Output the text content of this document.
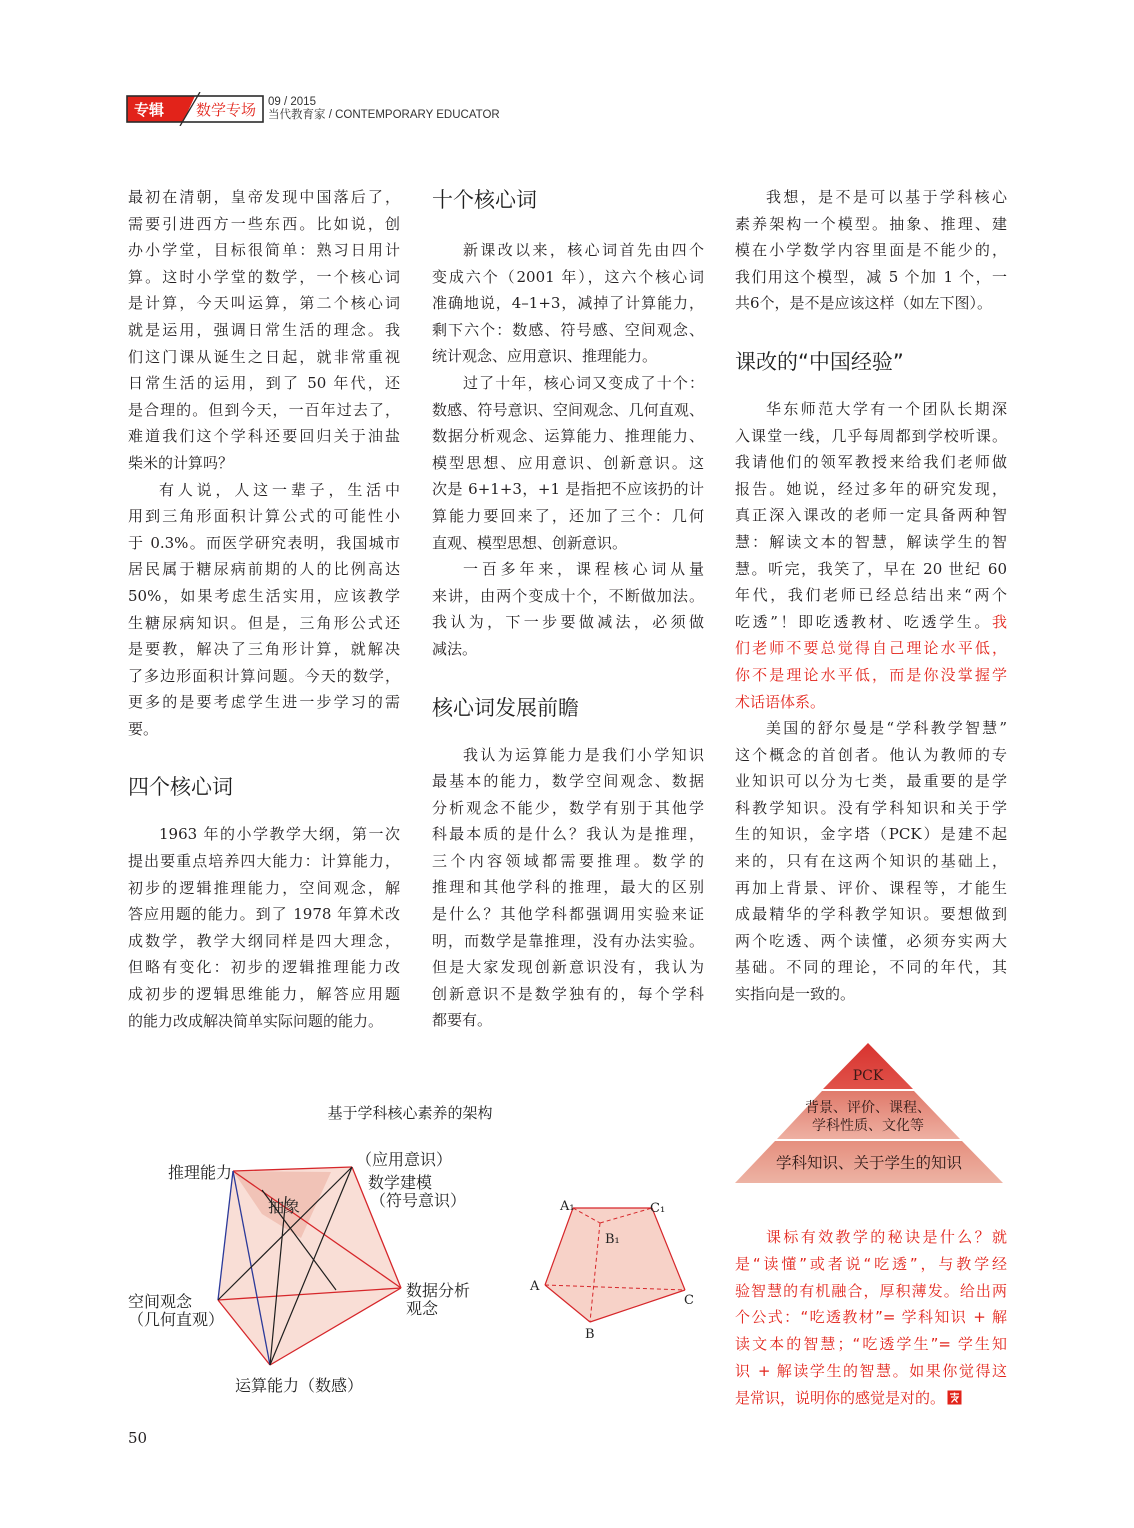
专辑 数学专场 09 / 2015
当代教育家 / CONTEMPORARY EDUCATOR
最初在清朝，皇帝发现中国落后了，
需要引进西方一些东西。比如说，创
办小学堂，目标很简单：熟习日用计
算。这时小学堂的数学，一个核心词
是计算，今天叫运算，第二个核心词
就是运用，强调日常生活的理念。我
们这门课从诞生之日起，就非常重视
日常生活的运用，到了 50 年代，还
是合理的。但到今天，一百年过去了，
难道我们这个学科还要回归关于油盐
柴米的计算吗？
有人说，人这一辈子，生活中
用到三角形面积计算公式的可能性小
于 0.3%。而医学研究表明，我国城市
居民属于糖尿病前期的人的比例高达
50%，如果考虑生活实用，应该教学
生糖尿病知识。但是，三角形公式还
是要教，解决了三角形计算，就解决
了多边形面积计算问题。今天的数学，
更多的是要考虑学生进一步学习的需
要。
四个核心词
1963 年的小学教学大纲，第一次
提出要重点培养四大能力：计算能力，
初步的逻辑推理能力，空间观念，解
答应用题的能力。到了 1978 年算术改
成数学，教学大纲同样是四大理念，
但略有变化：初步的逻辑推理能力改
成初步的逻辑思维能力，解答应用题
的能力改成解决简单实际问题的能力。
十个核心词
新课改以来，核心词首先由四个
变成六个（2001 年），这六个核心词
准确地说，4–1+3，减掉了计算能力，
剩下六个：数感、符号感、空间观念、
统计观念、应用意识、推理能力。
过了十年，核心词又变成了十个：
数感、符号意识、空间观念、几何直观、
数据分析观念、运算能力、推理能力、
模型思想、应用意识、创新意识。这
次是 6+1+3，+1 是指把不应该扔的计
算能力要回来了，还加了三个：几何
直观、模型思想、创新意识。
一百多年来，课程核心词从量
来讲，由两个变成十个，不断做加法。
我认为，下一步要做减法，必须做
减法。
核心词发展前瞻
我认为运算能力是我们小学知识
最基本的能力，数学空间观念、数据
分析观念不能少，数学有别于其他学
科最本质的是什么？我认为是推理，
三个内容领域都需要推理。数学的
推理和其他学科的推理，最大的区别
是什么？其他学科都强调用实验来证
明，而数学是靠推理，没有办法实验。
但是大家发现创新意识没有，我认为
创新意识不是数学独有的，每个学科
都要有。
我想，是不是可以基于学科核心
素养架构一个模型。抽象、推理、建
模在小学数学内容里面是不能少的，
我们用这个模型，减 5 个加 1 个，一
共6个，是不是应该这样（如左下图）。
课改的“中国经验”
华东师范大学有一个团队长期深
入课堂一线，几乎每周都到学校听课。
我请他们的领军教授来给我们老师做
报告。她说，经过多年的研究发现，
真正深入课改的老师一定具备两种智
慧：解读文本的智慧，解读学生的智
慧。听完，我笑了，早在 20 世纪 60
年代，我们老师已经总结出来“两个
吃透”！即吃透教材、吃透学生。我
们老师不要总觉得自己理论水平低，
你不是理论水平低，而是你没掌握学
术话语体系。
美国的舒尔曼是“学科教学智慧”
这个概念的首创者。他认为教师的专
业知识可以分为七类，最重要的是学
科教学知识。没有学科知识和关于学
生的知识，金字塔（PCK）是建不起
来的，只有在这两个知识的基础上，
再加上背景、评价、课程等，才能生
成最精华的学科教学知识。要想做到
两个吃透、两个读懂，必须夯实两大
基础。不同的理论，不同的年代，其
实指向是一致的。
PCK
背景、评价、课程、
学科性质、文化等
学科知识、关于学生的知识
课标有效教学的秘诀是什么？就
是“读懂”或者说“吃透”，与教学经
验智慧的有机融合，厚积薄发。给出两
个公式：“吃透教材”= 学科知识 + 解
读文本的智慧；“吃透学生”= 学生知
识 + 解读学生的智慧。如果你觉得这
是常识，说明你的感觉是对的。
基于学科核心素养的架构
推理能力
（应用意识）
数学建模
（符号意识）
抽象
空间观念
（几何直观）
数据分析
观念
运算能力（数感）
A₁	C₁
B₁
A
C
B
50
